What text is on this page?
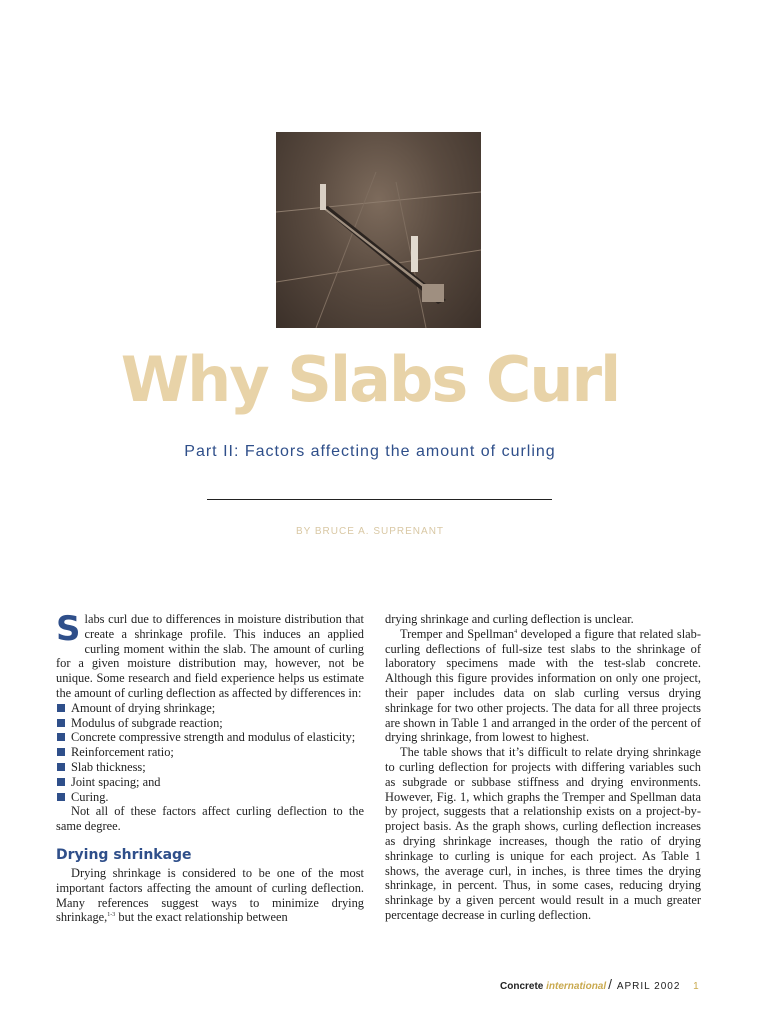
Why Slabs Curl
Part II: Factors affecting the amount of curling
BY BRUCE A. SUPRENANT

Slabs curl due to differences in moisture distribution that create a shrinkage profile. This induces an applied curling moment within the slab. The amount of curling for a given moisture distribution may, however, not be unique. Some research and field experience helps us estimate the amount of curling deflection as affected by differences in:

Amount of drying shrinkage;
Modulus of subgrade reaction;
Concrete compressive strength and modulus of elasticity;
Reinforcement ratio;
Slab thickness;
Joint spacing; and
Curing.

Not all of these factors affect curling deflection to the same degree.

Drying shrinkage

Drying shrinkage is considered to be one of the most important factors affecting the amount of curling deflection. Many references suggest ways to minimize drying shrinkage,$^{1-3}$ but the exact relationship between

drying shrinkage and curling deflection is unclear.

Tremper and Spellman$^4$ developed a figure that related slab-curling deflections of full-size test slabs to the shrinkage of laboratory specimens made with the test-slab concrete. Although this figure provides information on only one project, their paper includes data on slab curling versus drying shrinkage for two other projects. The data for all three projects are shown in Table 1 and arranged in the order of the percent of drying shrinkage, from lowest to highest.

The table shows that it’s difficult to relate drying shrinkage to curling deflection for projects with differing variables such as subgrade or subbase stiffness and drying environments. However, Fig. 1, which graphs the Tremper and Spellman data by project, suggests that a relationship exists on a project-by-project basis. As the graph shows, curling deflection increases as drying shrinkage increases, though the ratio of drying shrinkage to curling is unique for each project. As Table 1 shows, the average curl, in inches, is three times the drying shrinkage, in percent. Thus, in some cases, reducing drying shrinkage by a given percent would result in a much greater percentage decrease in curling deflection.

Concrete international / APRIL 2002 1
